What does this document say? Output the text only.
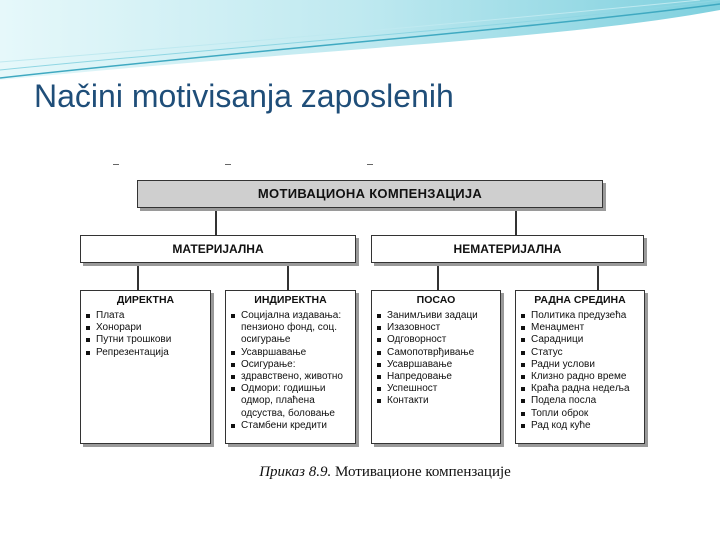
Načini motivisanja zaposlenih
МОТИВАЦИОНА КОМПЕНЗАЦИЈА
МАТЕРИЈАЛНА	НЕМАТЕРИЈАЛНА
ДИРЕКТНА
Плата
Хонорари
Путни трошкови
Репрезентација
ИНДИРЕКТНА
Социјална издавања: пензионо фонд, соц. осигурање
Усавршавање
Осигурање:
здравствено, животно
Одмори: годишњи одмор, плаћена одсуства, боловање
Стамбени кредити
ПОСАО
Занимљиви задаци
Изазовност
Одговорност
Самопотврђивање
Усавршавање
Напредовање
Успешност
Контакти
РАДНА СРЕДИНА
Политика предузећа
Менаџмент
Сарадници
Статус
Радни услови
Клизно радно време
Краћа радна недеља
Подела посла
Топли оброк
Рад код куће
Приказ 8.9. Мотивационе компензације
